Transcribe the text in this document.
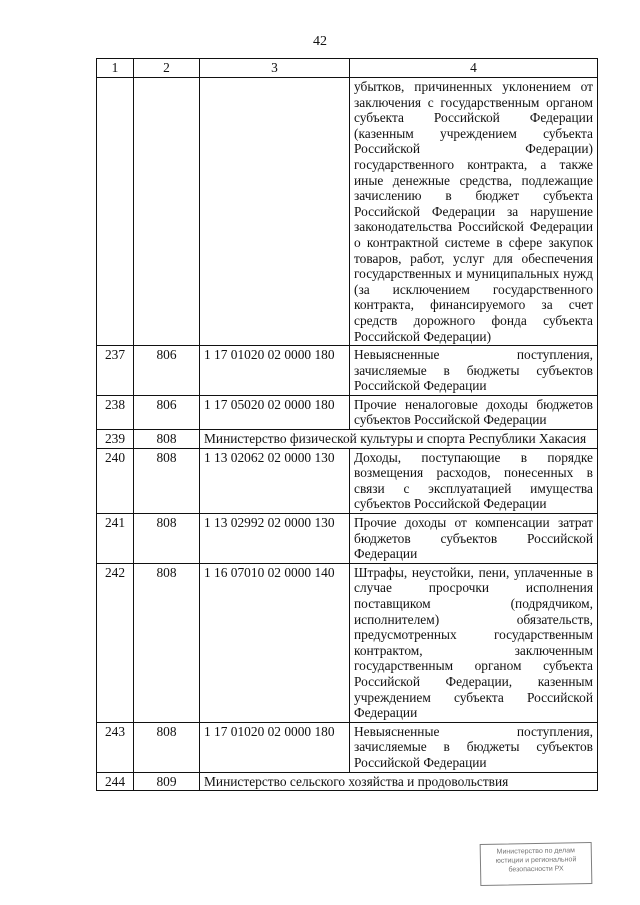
42
1	2	3	4
			убытков, причиненных уклонением от заключения с государственным органом субъекта Российской Федерации (казенным учреждением субъекта Российской Федерации) государственного контракта, а также иные денежные средства, подлежащие зачислению в бюджет субъекта Российской Федерации за нарушение законодательства Российской Федерации о контрактной системе в сфере закупок товаров, работ, услуг для обеспечения государственных и муниципальных нужд (за исключением государственного контракта, финансируемого за счет средств дорожного фонда субъекта Российской Федерации)
237	806	1 17 01020 02 0000 180	Невыясненные поступления, зачисляемые в бюджеты субъектов Российской Федерации
238	806	1 17 05020 02 0000 180	Прочие неналоговые доходы бюджетов субъектов Российской Федерации
239	808	Министерство физической культуры и спорта Республики Хакасия	
240	808	1 13 02062 02 0000 130	Доходы, поступающие в порядке возмещения расходов, понесенных в связи с эксплуатацией имущества субъектов Российской Федерации
241	808	1 13 02992 02 0000 130	Прочие доходы от компенсации затрат бюджетов субъектов Российской Федерации
242	808	1 16 07010 02 0000 140	Штрафы, неустойки, пени, уплаченные в случае просрочки исполнения поставщиком (подрядчиком, исполнителем) обязательств, предусмотренных государственным контрактом, заключенным государственным органом субъекта Российской Федерации, казенным учреждением субъекта Российской Федерации
243	808	1 17 01020 02 0000 180	Невыясненные поступления, зачисляемые в бюджеты субъектов Российской Федерации
244	809	Министерство сельского хозяйства и продовольствия	
Министерство по делам
юстиции и региональной
безопасности РХ
